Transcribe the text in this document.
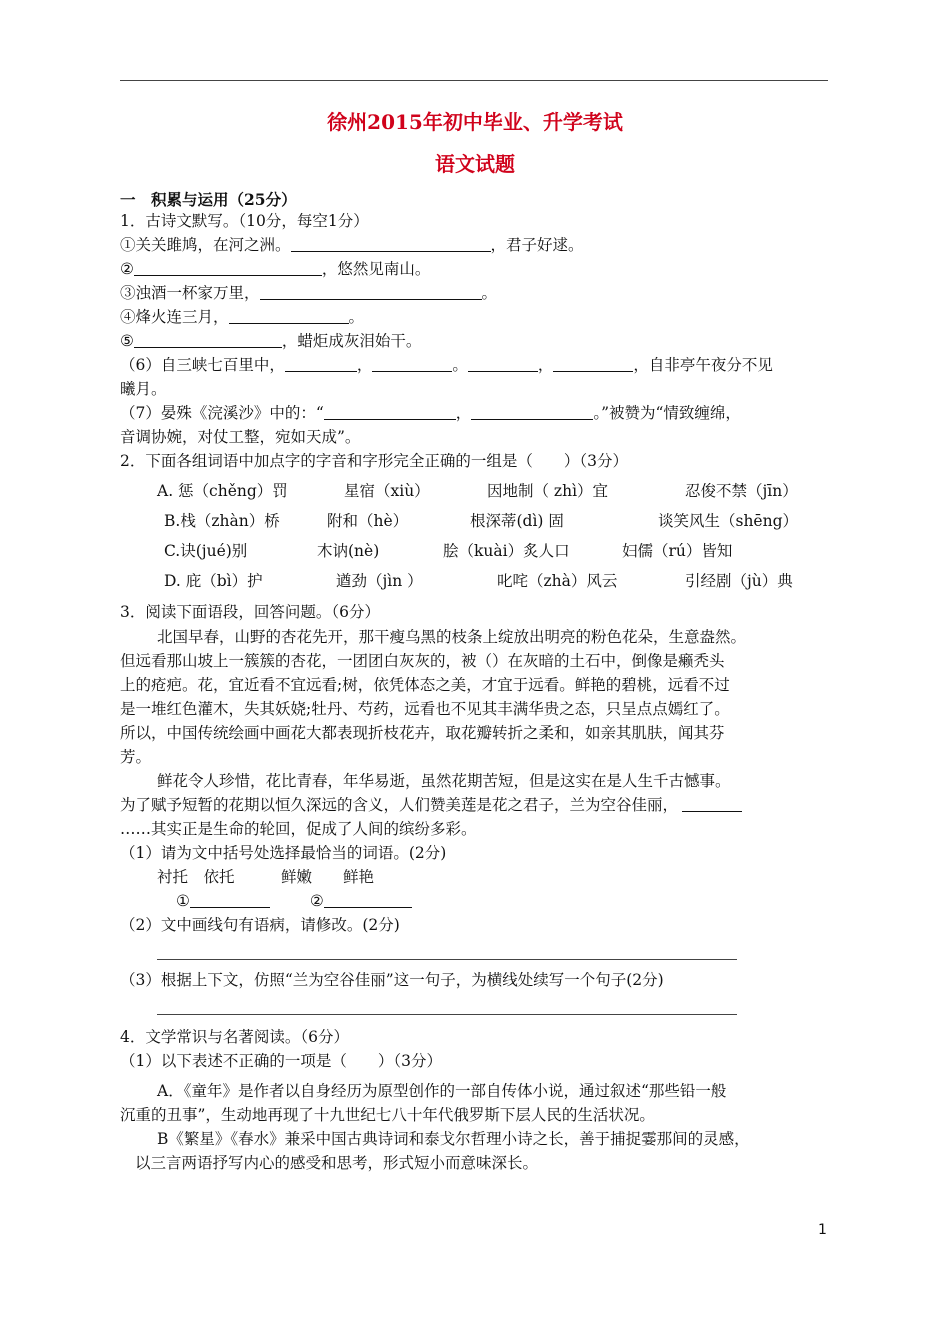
徐州2015年初中毕业、升学考试
语文试题
一　积累与运用（25分）
1．古诗文默写。（10分，每空1分）
①关关雎鸠，在河之洲。	，君子好逑。
②	，悠然见南山。
③浊酒一杯家万里，	。
④烽火连三月，	。
⑤	，蜡炬成灰泪始干。
（6）自三峡七百里中，	，	。	，	，自非亭午夜分不见
曦月。
（7）晏殊《浣溪沙》中的：“	，	。”被赞为“情致缠绵，
音调协婉，对仗工整，宛如天成”。
2．下面各组词语中加点字的字音和字形完全正确的一组是（　　）（3分）
A. 惩（chěng）罚	星宿（xiù）	因地制（ zhì）宜	忍俊不禁（jīn）
B.栈（zhàn）桥	附和（hè）	根深蒂(dì) 固	谈笑风生（shēng）
C.诀(jué)别	木讷(nè)	脍（kuài）炙人口	妇儒（rú）皆知
D. 庇（bì）护	遒劲（jìn ）	叱咤（zhà）风云	引经剧（jù）典
3．阅读下面语段，回答问题。（6分）
北国早春，山野的杏花先开，那干瘦乌黑的枝条上绽放出明亮的粉色花朵，生意盎然。
但远看那山坡上一簇簇的杏花，一团团白灰灰的，被（）在灰暗的土石中，倒像是癞秃头
上的疮疤。花，宜近看不宜远看;树，依凭体态之美，才宜于远看。鲜艳的碧桃，远看不过
是一堆红色灌木，失其妖娆;牡丹、芍药，远看也不见其丰满华贵之态，只呈点点嫣红了。
所以，中国传统绘画中画花大都表现折枝花卉，取花瓣转折之柔和，如亲其肌肤，闻其芬
芳。
鲜花令人珍惜，花比青春，年华易逝，虽然花期苦短，但是这实在是人生千古憾事。
为了赋予短暂的花期以恒久深远的含义，人们赞美莲是花之君子，兰为空谷佳丽，
……其实正是生命的轮回，促成了人间的缤纷多彩。
（1）请为文中括号处选择最恰当的词语。(2分)
衬托　依托　　　鲜嫩　　鲜艳
①	②
（2）文中画线句有语病，请修改。(2分)
（3）根据上下文，仿照“兰为空谷佳丽”这一句子，为横线处续写一个句子(2分)
4．文学常识与名著阅读。（6分）
（1）以下表述不正确的一项是（　　）（3分）
A．《童年》是作者以自身经历为原型创作的一部自传体小说，通过叙述“那些铅一般
沉重的丑事”，生动地再现了十九世纪七八十年代俄罗斯下层人民的生活状况。
B《繁星》《春水》兼采中国古典诗词和泰戈尔哲理小诗之长，善于捕捉霎那间的灵感，
以三言两语抒写内心的感受和思考，形式短小而意味深长。
1
